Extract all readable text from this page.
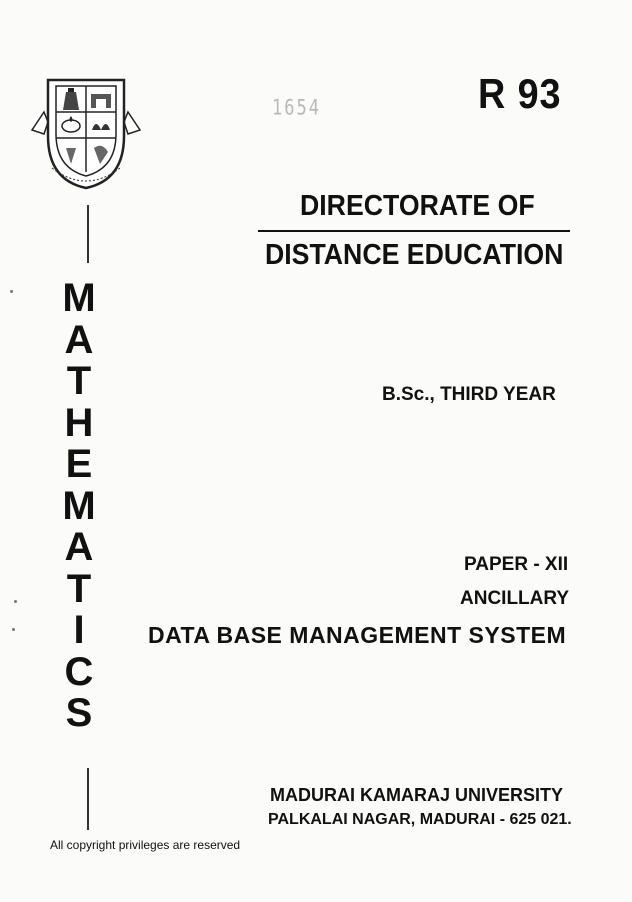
1654	R 93
DIRECTORATE OF
DISTANCE EDUCATION
M
A
T
H
E
M
A
T
I
C
S
B.Sc., THIRD YEAR
PAPER - XII
ANCILLARY
DATA BASE MANAGEMENT SYSTEM
MADURAI KAMARAJ UNIVERSITY
PALKALAI NAGAR, MADURAI - 625 021.
All copyright privileges are reserved
